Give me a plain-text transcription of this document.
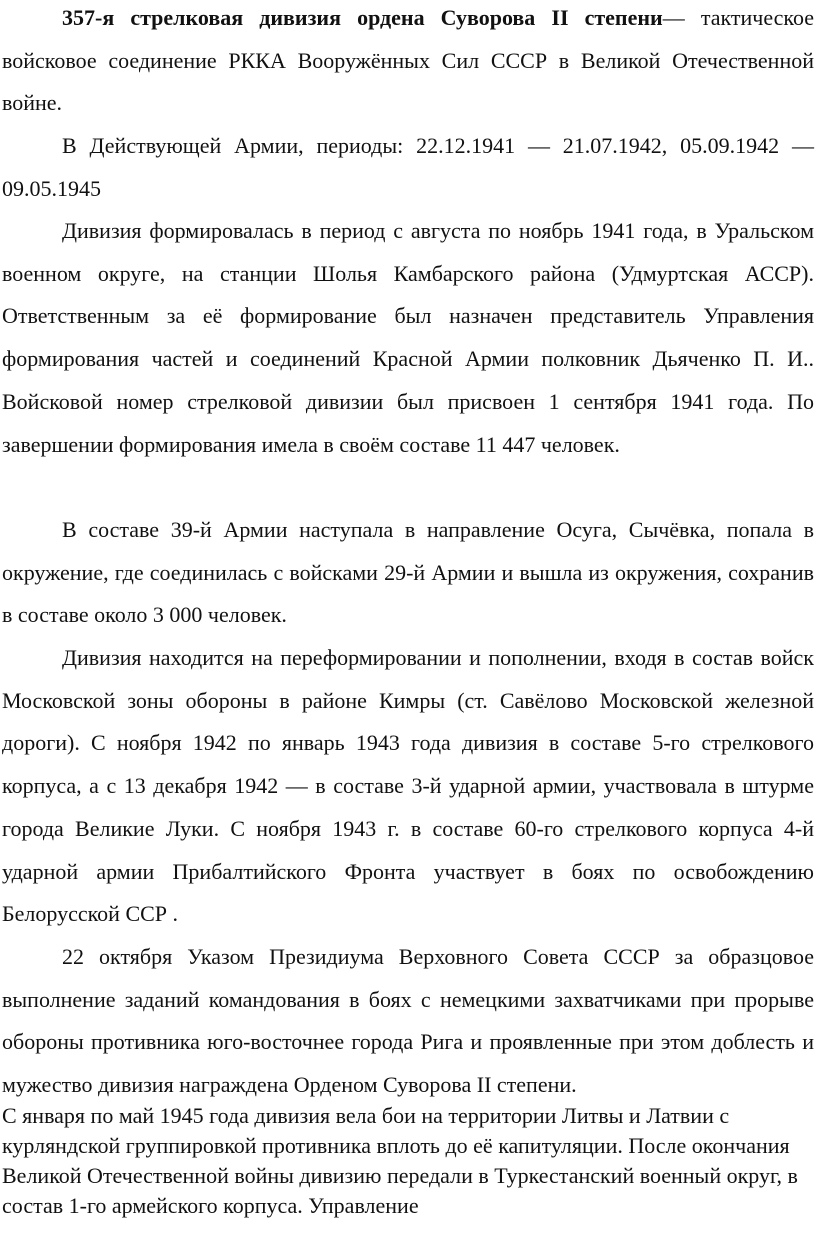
357-я стрелковая дивизия ордена Суворова II степени— тактическое войсковое соединение РККА Вооружённых Сил СССР в Великой Отечественной войне.

В Действующей Армии, периоды: 22.12.1941 — 21.07.1942, 05.09.1942 — 09.05.1945

Дивизия формировалась в период с августа по ноябрь 1941 года, в Уральском военном округе, на станции Шолья Камбарского района (Удмуртская АССР). Ответственным за её формирование был назначен представитель Управления формирования частей и соединений Красной Армии полковник Дьяченко П. И.. Войсковой номер стрелковой дивизии был присвоен 1 сентября 1941 года. По завершении формирования имела в своём составе 11 447 человек.

В составе 39-й Армии наступала в направление Осуга, Сычёвка, попала в окружение, где соединилась с войсками 29-й Армии и вышла из окружения, сохранив в составе около 3 000 человек.

Дивизия находится на переформировании и пополнении, входя в состав войск Московской зоны обороны в районе Кимры (ст. Савёлово Московской железной дороги). С ноября 1942 по январь 1943 года дивизия в составе 5-го стрелкового корпуса, а с 13 декабря 1942 — в составе 3-й ударной армии, участвовала в штурме города Великие Луки. С ноября 1943 г. в составе 60-го стрелкового корпуса 4-й ударной армии Прибалтийского Фронта участвует в боях по освобождению Белорусской ССР .

22 октября Указом Президиума Верховного Совета СССР за образцовое выполнение заданий командования в боях с немецкими захватчиками при прорыве обороны противника юго-восточнее города Рига и проявленные при этом доблесть и мужество дивизия награждена Орденом Суворова II степени.

С января по май 1945 года дивизия вела бои на территории Литвы и Латвии с курляндской группировкой противника вплоть до её капитуляции. После окончания Великой Отечественной войны дивизию передали в Туркестанский военный округ, в состав 1-го армейского корпуса. Управление
